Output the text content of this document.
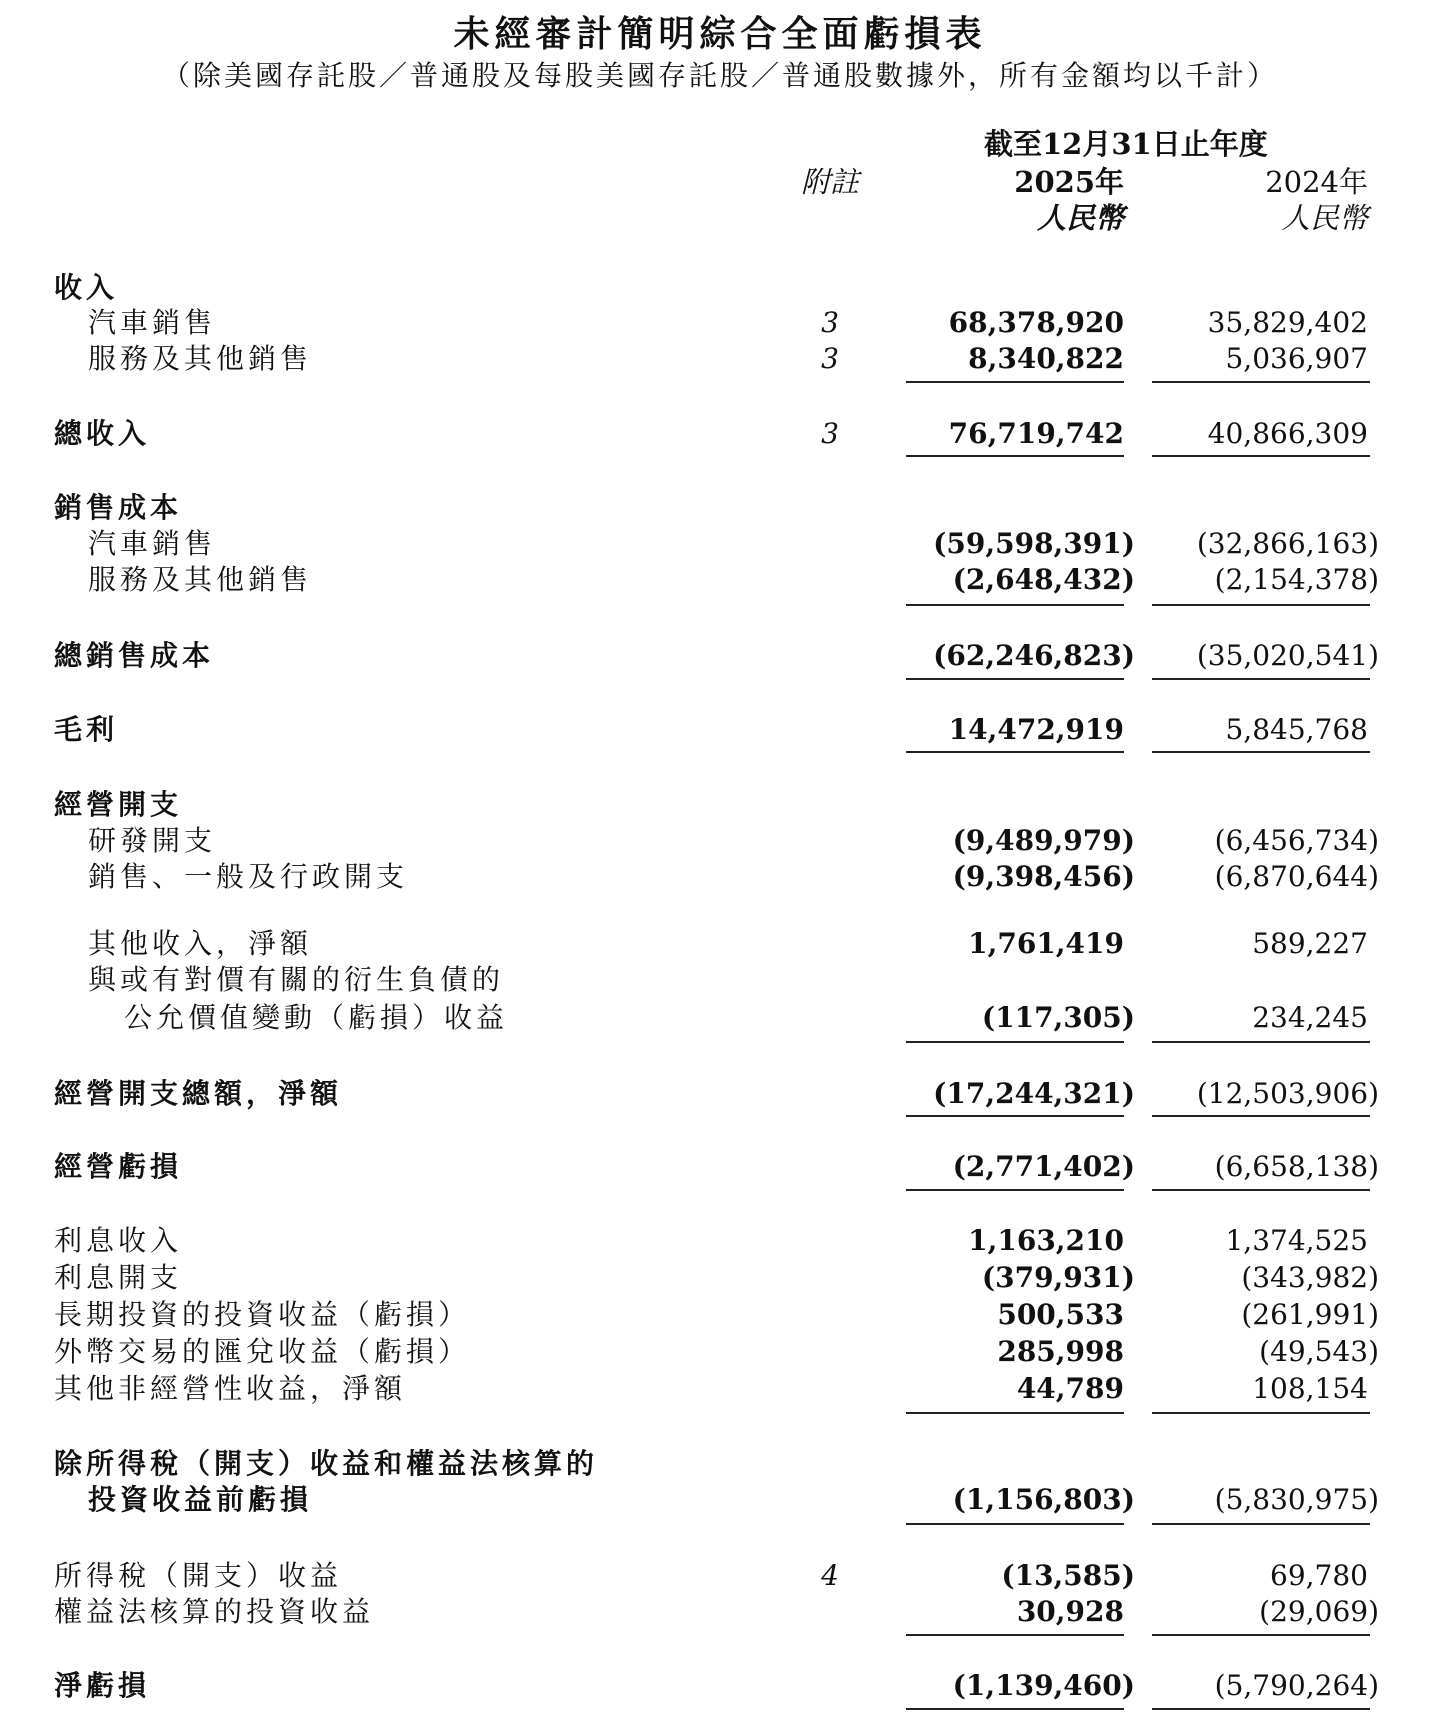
未經審計簡明綜合全面虧損表
（除美國存託股／普通股及每股美國存託股／普通股數據外，所有金額均以千計）
截至12月31日止年度
附註	2025年	2024年
人民幣	人民幣
收入
汽車銷售	3	68,378,920	35,829,402
服務及其他銷售	3	8,340,822	5,036,907
總收入	3	76,719,742	40,866,309
銷售成本
汽車銷售	(59,598,391) (32,866,163)
服務及其他銷售	(2,648,432)	(2,154,378)
總銷售成本	(62,246,823) (35,020,541)
毛利	14,472,919	5,845,768
經營開支
研發開支	(9,489,979)	(6,456,734)
銷售、一般及行政開支	(9,398,456)	(6,870,644)
其他收入，淨額	1,761,419	589,227
與或有對價有關的衍生負債的
公允價值變動（虧損）收益	(117,305)	234,245
經營開支總額，淨額	(17,244,321) (12,503,906)
經營虧損	(2,771,402)	(6,658,138)
利息收入	1,163,210	1,374,525
利息開支	(379,931)	(343,982)
長期投資的投資收益（虧損）	500,533	(261,991)
外幣交易的匯兌收益（虧損）	285,998	(49,543)
其他非經營性收益，淨額	44,789	108,154
除所得稅（開支）收益和權益法核算的
投資收益前虧損	(1,156,803)	(5,830,975)
所得稅（開支）收益	4	(13,585)	69,780
權益法核算的投資收益	30,928	(29,069)
淨虧損	(1,139,460)	(5,790,264)
